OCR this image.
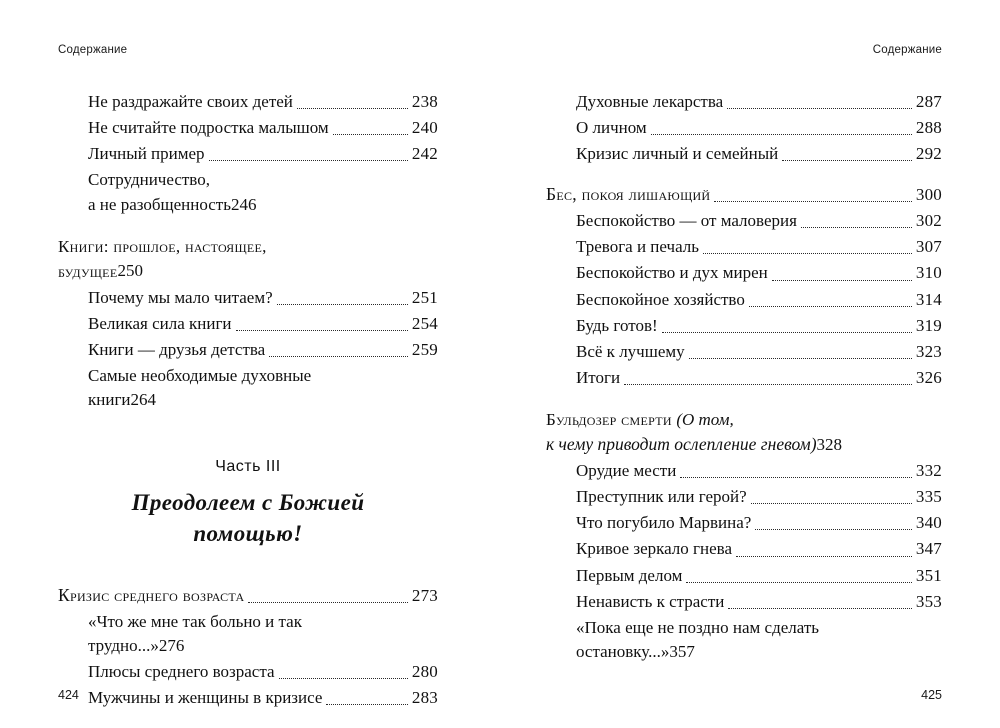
Содержание
Не раздражайте своих детей	238
Не считайте подростка малышом	240
Личный пример	242
Сотрудничество,
а не разобщенность 246
Книги: прошлое, настоящее,
будущее 250
Почему мы мало читаем?	251
Великая сила книги	254
Книги — друзья детства	259
Самые необходимые духовные
книги 264
Часть III
Преодолеем с Божией
помощью!
Кризис среднего возраста	273
«Что же мне так больно и так
трудно...» 276
Плюсы среднего возраста	280
Мужчины и женщины в кризисе	283
424
Содержание
Духовные лекарства	287
О личном	288
Кризис личный и семейный	292
Бес, покоя лишающий	300
Беспокойство — от маловерия	302
Тревога и печаль	307
Беспокойство и дух мирен	310
Беспокойное хозяйство	314
Будь готов!	319
Всё к лучшему	323
Итоги	326
Бульдозер смерти (О том,
к чему приводит ослепление гневом) 328
Орудие мести	332
Преступник или герой?	335
Что погубило Марвина?	340
Кривое зеркало гнева	347
Первым делом	351
Ненависть к страсти	353
«Пока еще не поздно нам сделать
остановку...» 357
425
